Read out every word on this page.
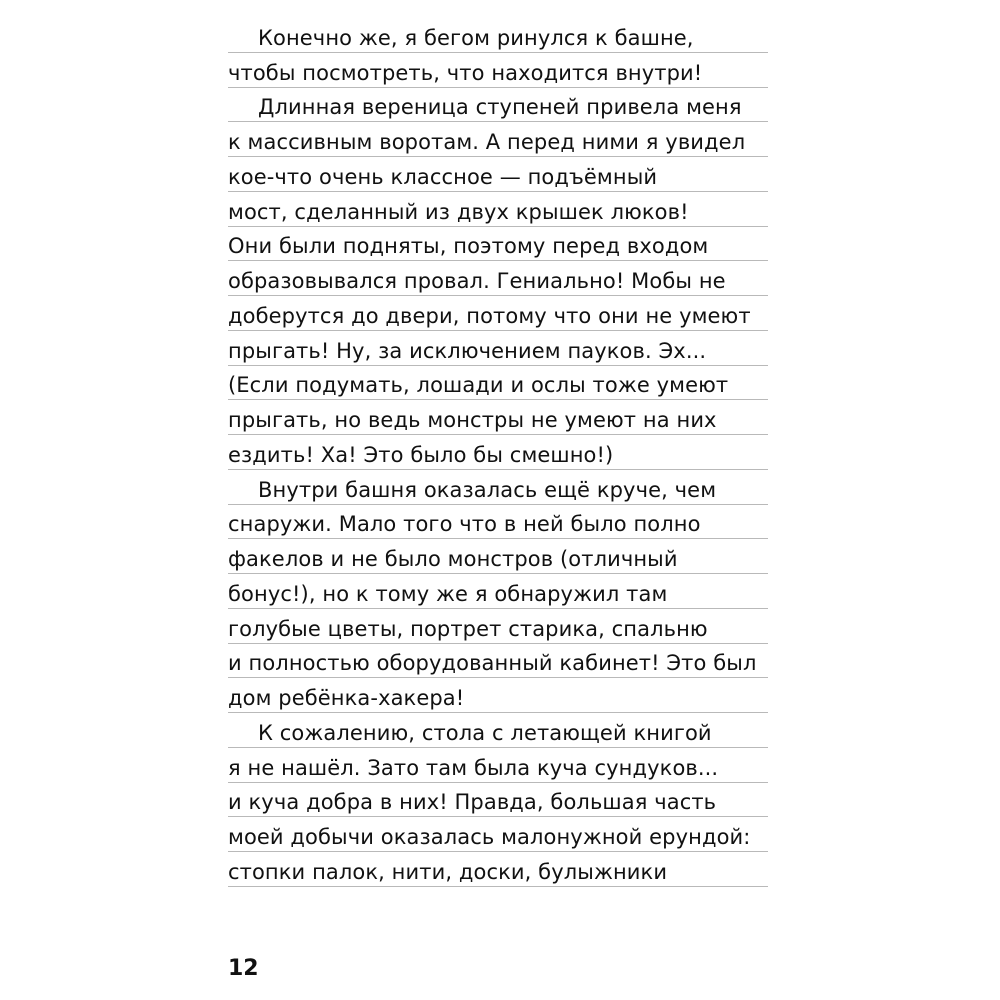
Конечно же, я бегом ринулся к башне,
чтобы посмотреть, что находится внутри!
Длинная вереница ступеней привела меня
к массивным воротам. А перед ними я увидел
кое-что очень классное — подъёмный
мост, сделанный из двух крышек люков!
Они были подняты, поэтому перед входом
образовывался провал. Гениально! Мобы не
доберутся до двери, потому что они не умеют
прыгать! Ну, за исключением пауков. Эх...
(Если подумать, лошади и ослы тоже умеют
прыгать, но ведь монстры не умеют на них
ездить! Ха! Это было бы смешно!)
Внутри башня оказалась ещё круче, чем
снаружи. Мало того что в ней было полно
факелов и не было монстров (отличный
бонус!), но к тому же я обнаружил там
голубые цветы, портрет старика, спальню
и полностью оборудованный кабинет! Это был
дом ребёнка-хакера!
К сожалению, стола с летающей книгой
я не нашёл. Зато там была куча сундуков...
и куча добра в них! Правда, большая часть
моей добычи оказалась малонужной ерундой:
стопки палок, нити, доски, булыжники
12
